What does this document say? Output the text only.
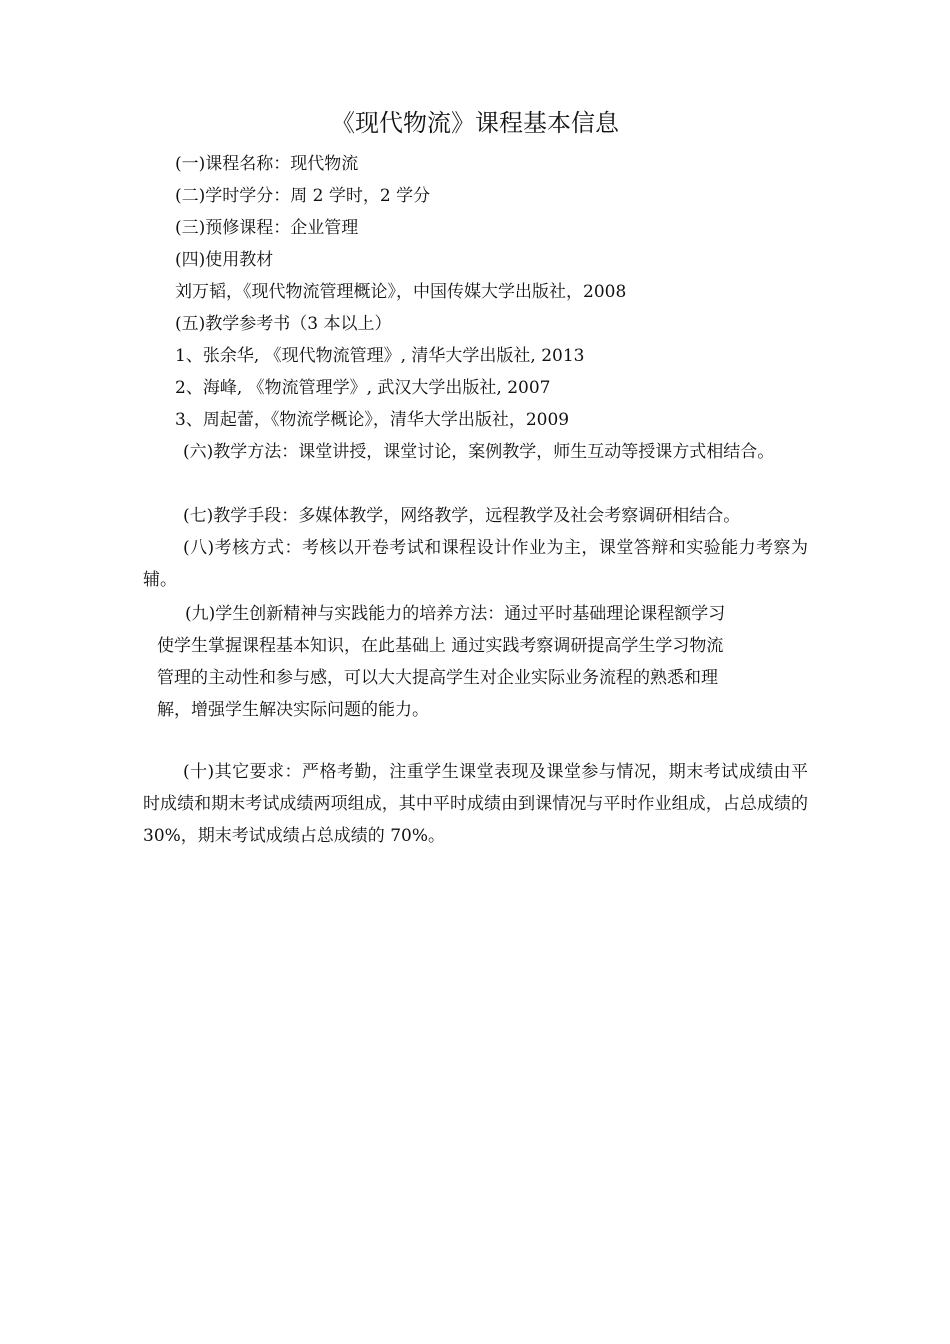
《现代物流》课程基本信息
(一)课程名称：现代物流
(二)学时学分：周 2 学时，2 学分
(三)预修课程：企业管理
(四)使用教材
刘万韬，《现代物流管理概论》，中国传媒大学出版社，2008
(五)教学参考书（3 本以上）
1、张余华, 《现代物流管理》, 清华大学出版社, 2013
2、海峰, 《物流管理学》, 武汉大学出版社, 2007
3、周起蕾，《物流学概论》，清华大学出版社，2009
(六)教学方法：课堂讲授，课堂讨论，案例教学，师生互动等授课方式相结合。
(七)教学手段：多媒体教学，网络教学，远程教学及社会考察调研相结合。
(八)考核方式：考核以开卷考试和课程设计作业为主，课堂答辩和实验能力考察为辅。
(九)学生创新精神与实践能力的培养方法：通过平时基础理论课程额学习
使学生掌握课程基本知识，在此基础上 通过实践考察调研提高学生学习物流
管理的主动性和参与感，可以大大提高学生对企业实际业务流程的熟悉和理
解，增强学生解决实际问题的能力。
(十)其它要求：严格考勤，注重学生课堂表现及课堂参与情况，期末考试成绩由平时成绩和期末考试成绩两项组成，其中平时成绩由到课情况与平时作业组成，占总成绩的 30%，期末考试成绩占总成绩的 70%。
